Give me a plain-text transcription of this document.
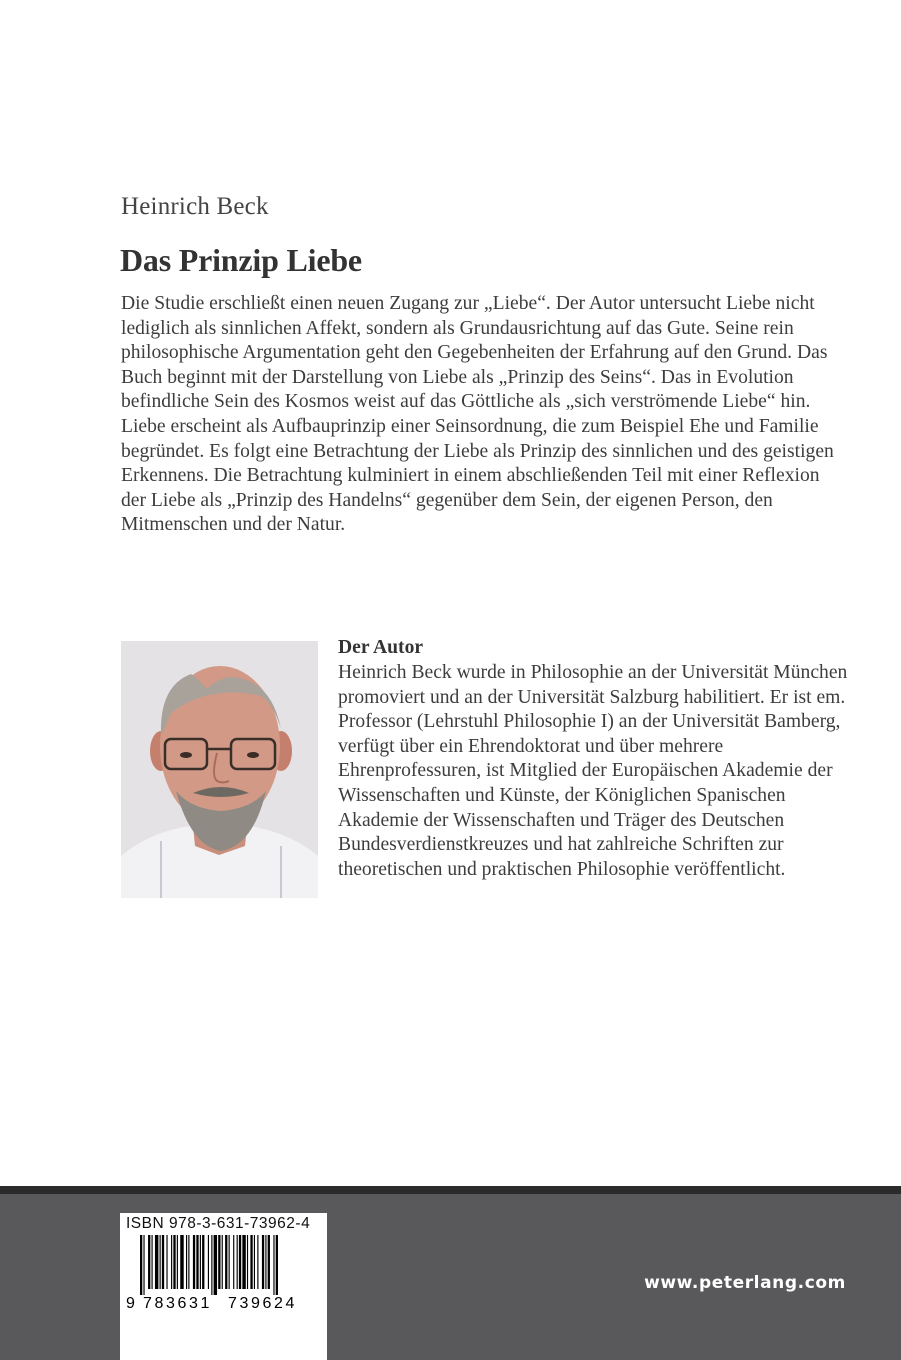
Heinrich Beck
Das Prinzip Liebe

Die Studie erschließt einen neuen Zugang zur „Liebe“. Der Autor untersucht Liebe nicht lediglich als sinnlichen Affekt, sondern als Grundausrichtung auf das Gute. Seine rein philosophische Argumentation geht den Gegebenheiten der Erfahrung auf den Grund. Das Buch beginnt mit der Darstellung von Liebe als „Prinzip des Seins“. Das in Evolution befindliche Sein des Kosmos weist auf das Göttliche als „sich verströmende Liebe“ hin. Liebe erscheint als Aufbauprinzip einer Seinsordnung, die zum Beispiel Ehe und Familie begründet. Es folgt eine Betrachtung der Liebe als Prinzip des sinnlichen und des geistigen Erkennens. Die Betrachtung kulminiert in einem abschließenden Teil mit einer Reflexion der Liebe als „Prinzip des Handelns“ gegenüber dem Sein, der eigenen Person, den Mitmenschen und der Natur.

Der Autor

Heinrich Beck wurde in Philosophie an der Universität München promoviert und an der Universität Salzburg habilitiert. Er ist em. Professor (Lehrstuhl Philosophie I) an der Universität Bamberg, verfügt über ein Ehrendoktorat und über mehrere Ehrenprofessuren, ist Mitglied der Europäischen Akademie der Wissenschaften und Künste, der Königlichen Spanischen Akademie der Wissenschaften und Träger des Deutschen Bundesverdienstkreuzes und hat zahlreiche Schriften zur theoretischen und praktischen Philosophie veröffentlicht.

ISBN 978-3-631-73962-4
9 783631 739624
www.peterlang.com
